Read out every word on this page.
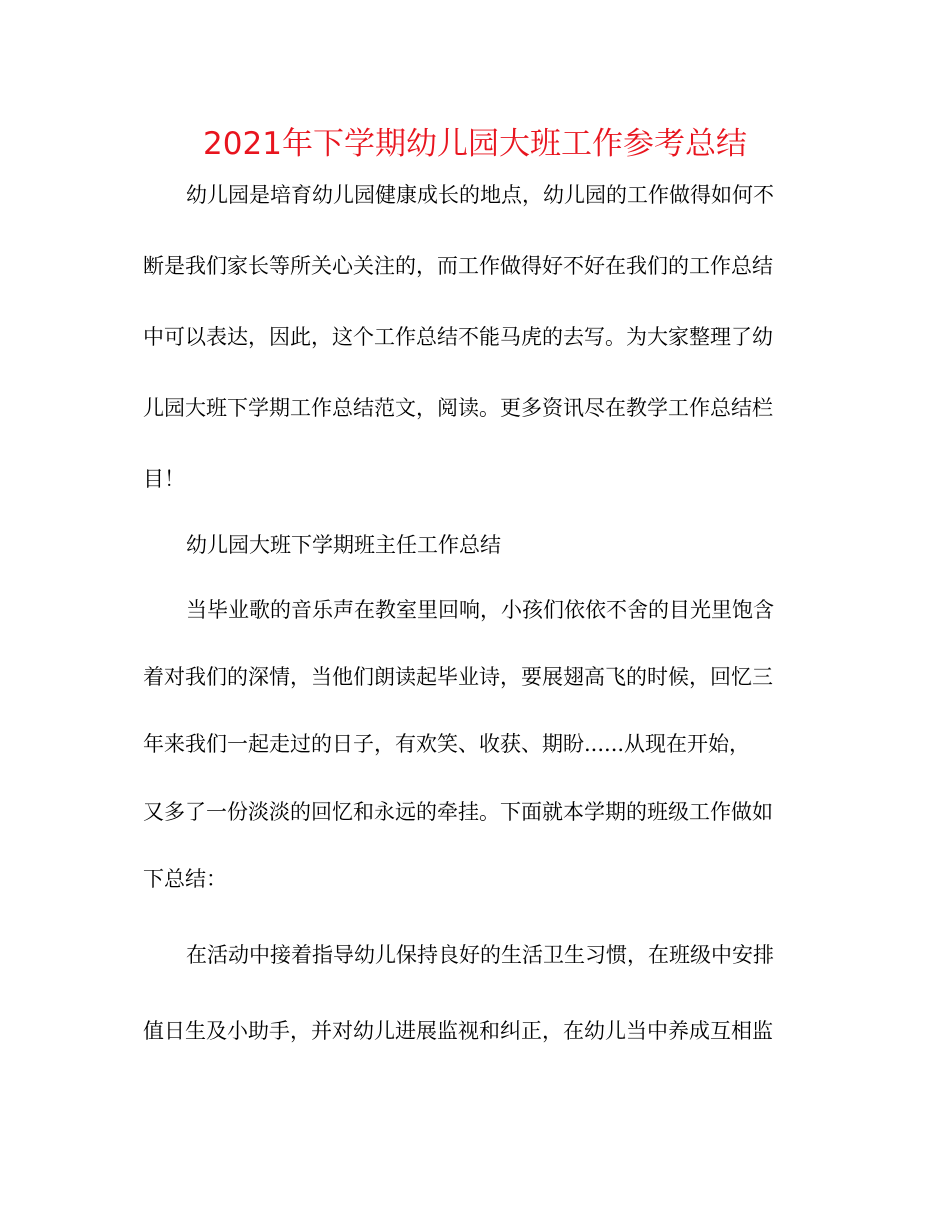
2021年下学期幼儿园大班工作参考总结

幼儿园是培育幼儿园健康成长的地点，幼儿园的工作做得如何不

断是我们家长等所关心关注的，而工作做得好不好在我们的工作总结

中可以表达，因此，这个工作总结不能马虎的去写。为大家整理了幼

儿园大班下学期工作总结范文，阅读。更多资讯尽在教学工作总结栏

目！

幼儿园大班下学期班主任工作总结

当毕业歌的音乐声在教室里回响，小孩们依依不舍的目光里饱含

着对我们的深情，当他们朗读起毕业诗，要展翅高飞的时候，回忆三

年来我们一起走过的日子，有欢笑、收获、期盼......从现在开始，

又多了一份淡淡的回忆和永远的牵挂。下面就本学期的班级工作做如

下总结：

在活动中接着指导幼儿保持良好的生活卫生习惯，在班级中安排

值日生及小助手，并对幼儿进展监视和纠正，在幼儿当中养成互相监
